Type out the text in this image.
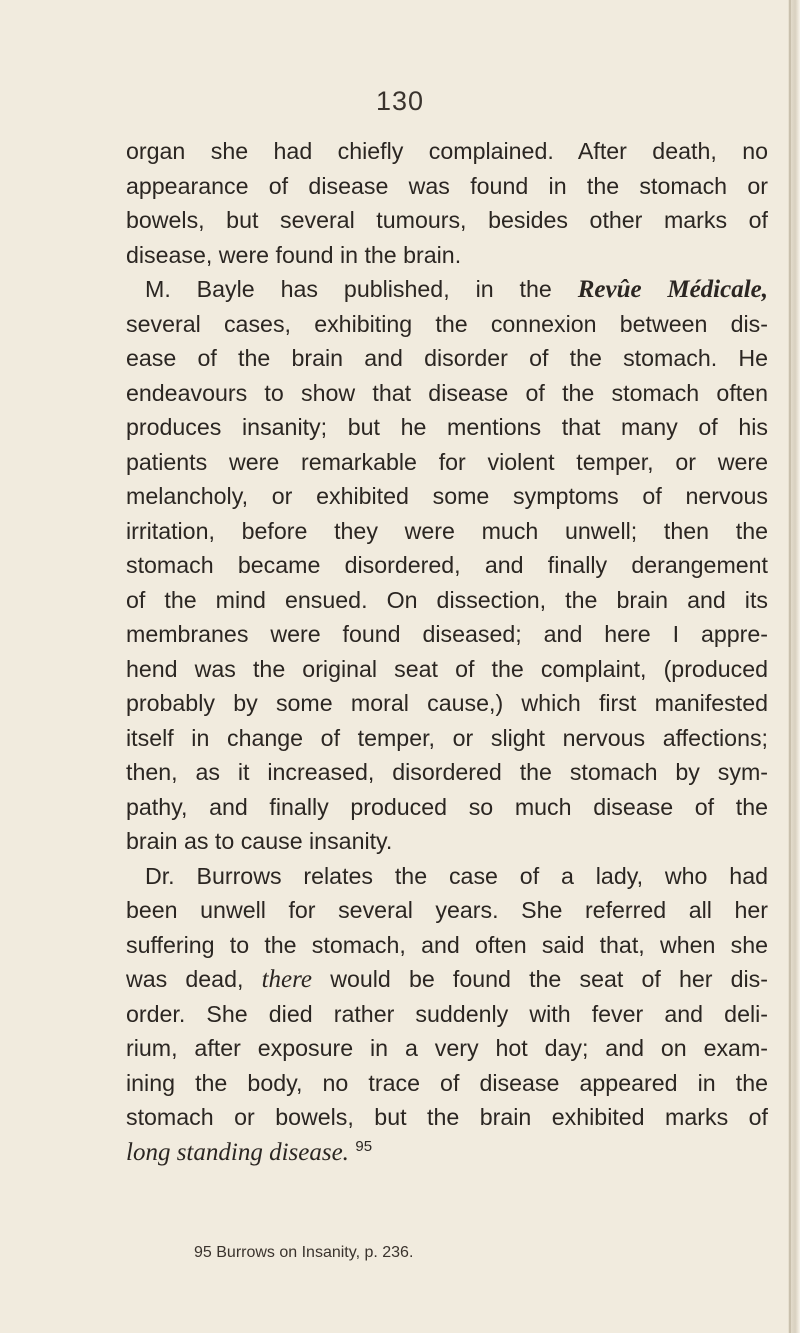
130
organ she had chiefly complained. After death, no
appearance of disease was found in the stomach or
bowels, but several tumours, besides other marks of
disease, were found in the brain.
M. Bayle has published, in the Revûe Médicale,
several cases, exhibiting the connexion between dis-
ease of the brain and disorder of the stomach. He
endeavours to show that disease of the stomach often
produces insanity; but he mentions that many of his
patients were remarkable for violent temper, or were
melancholy, or exhibited some symptoms of nervous
irritation, before they were much unwell; then the
stomach became disordered, and finally derangement
of the mind ensued. On dissection, the brain and its
membranes were found diseased; and here I appre-
hend was the original seat of the complaint, (produced
probably by some moral cause,) which first manifested
itself in change of temper, or slight nervous affections;
then, as it increased, disordered the stomach by sym-
pathy, and finally produced so much disease of the
brain as to cause insanity.
Dr. Burrows relates the case of a lady, who had
been unwell for several years. She referred all her
suffering to the stomach, and often said that, when she
was dead, there would be found the seat of her dis-
order. She died rather suddenly with fever and deli-
rium, after exposure in a very hot day; and on exam-
ining the body, no trace of disease appeared in the
stomach or bowels, but the brain exhibited marks of
long standing disease. $^{95}$
95 Burrows on Insanity, p. 236.
